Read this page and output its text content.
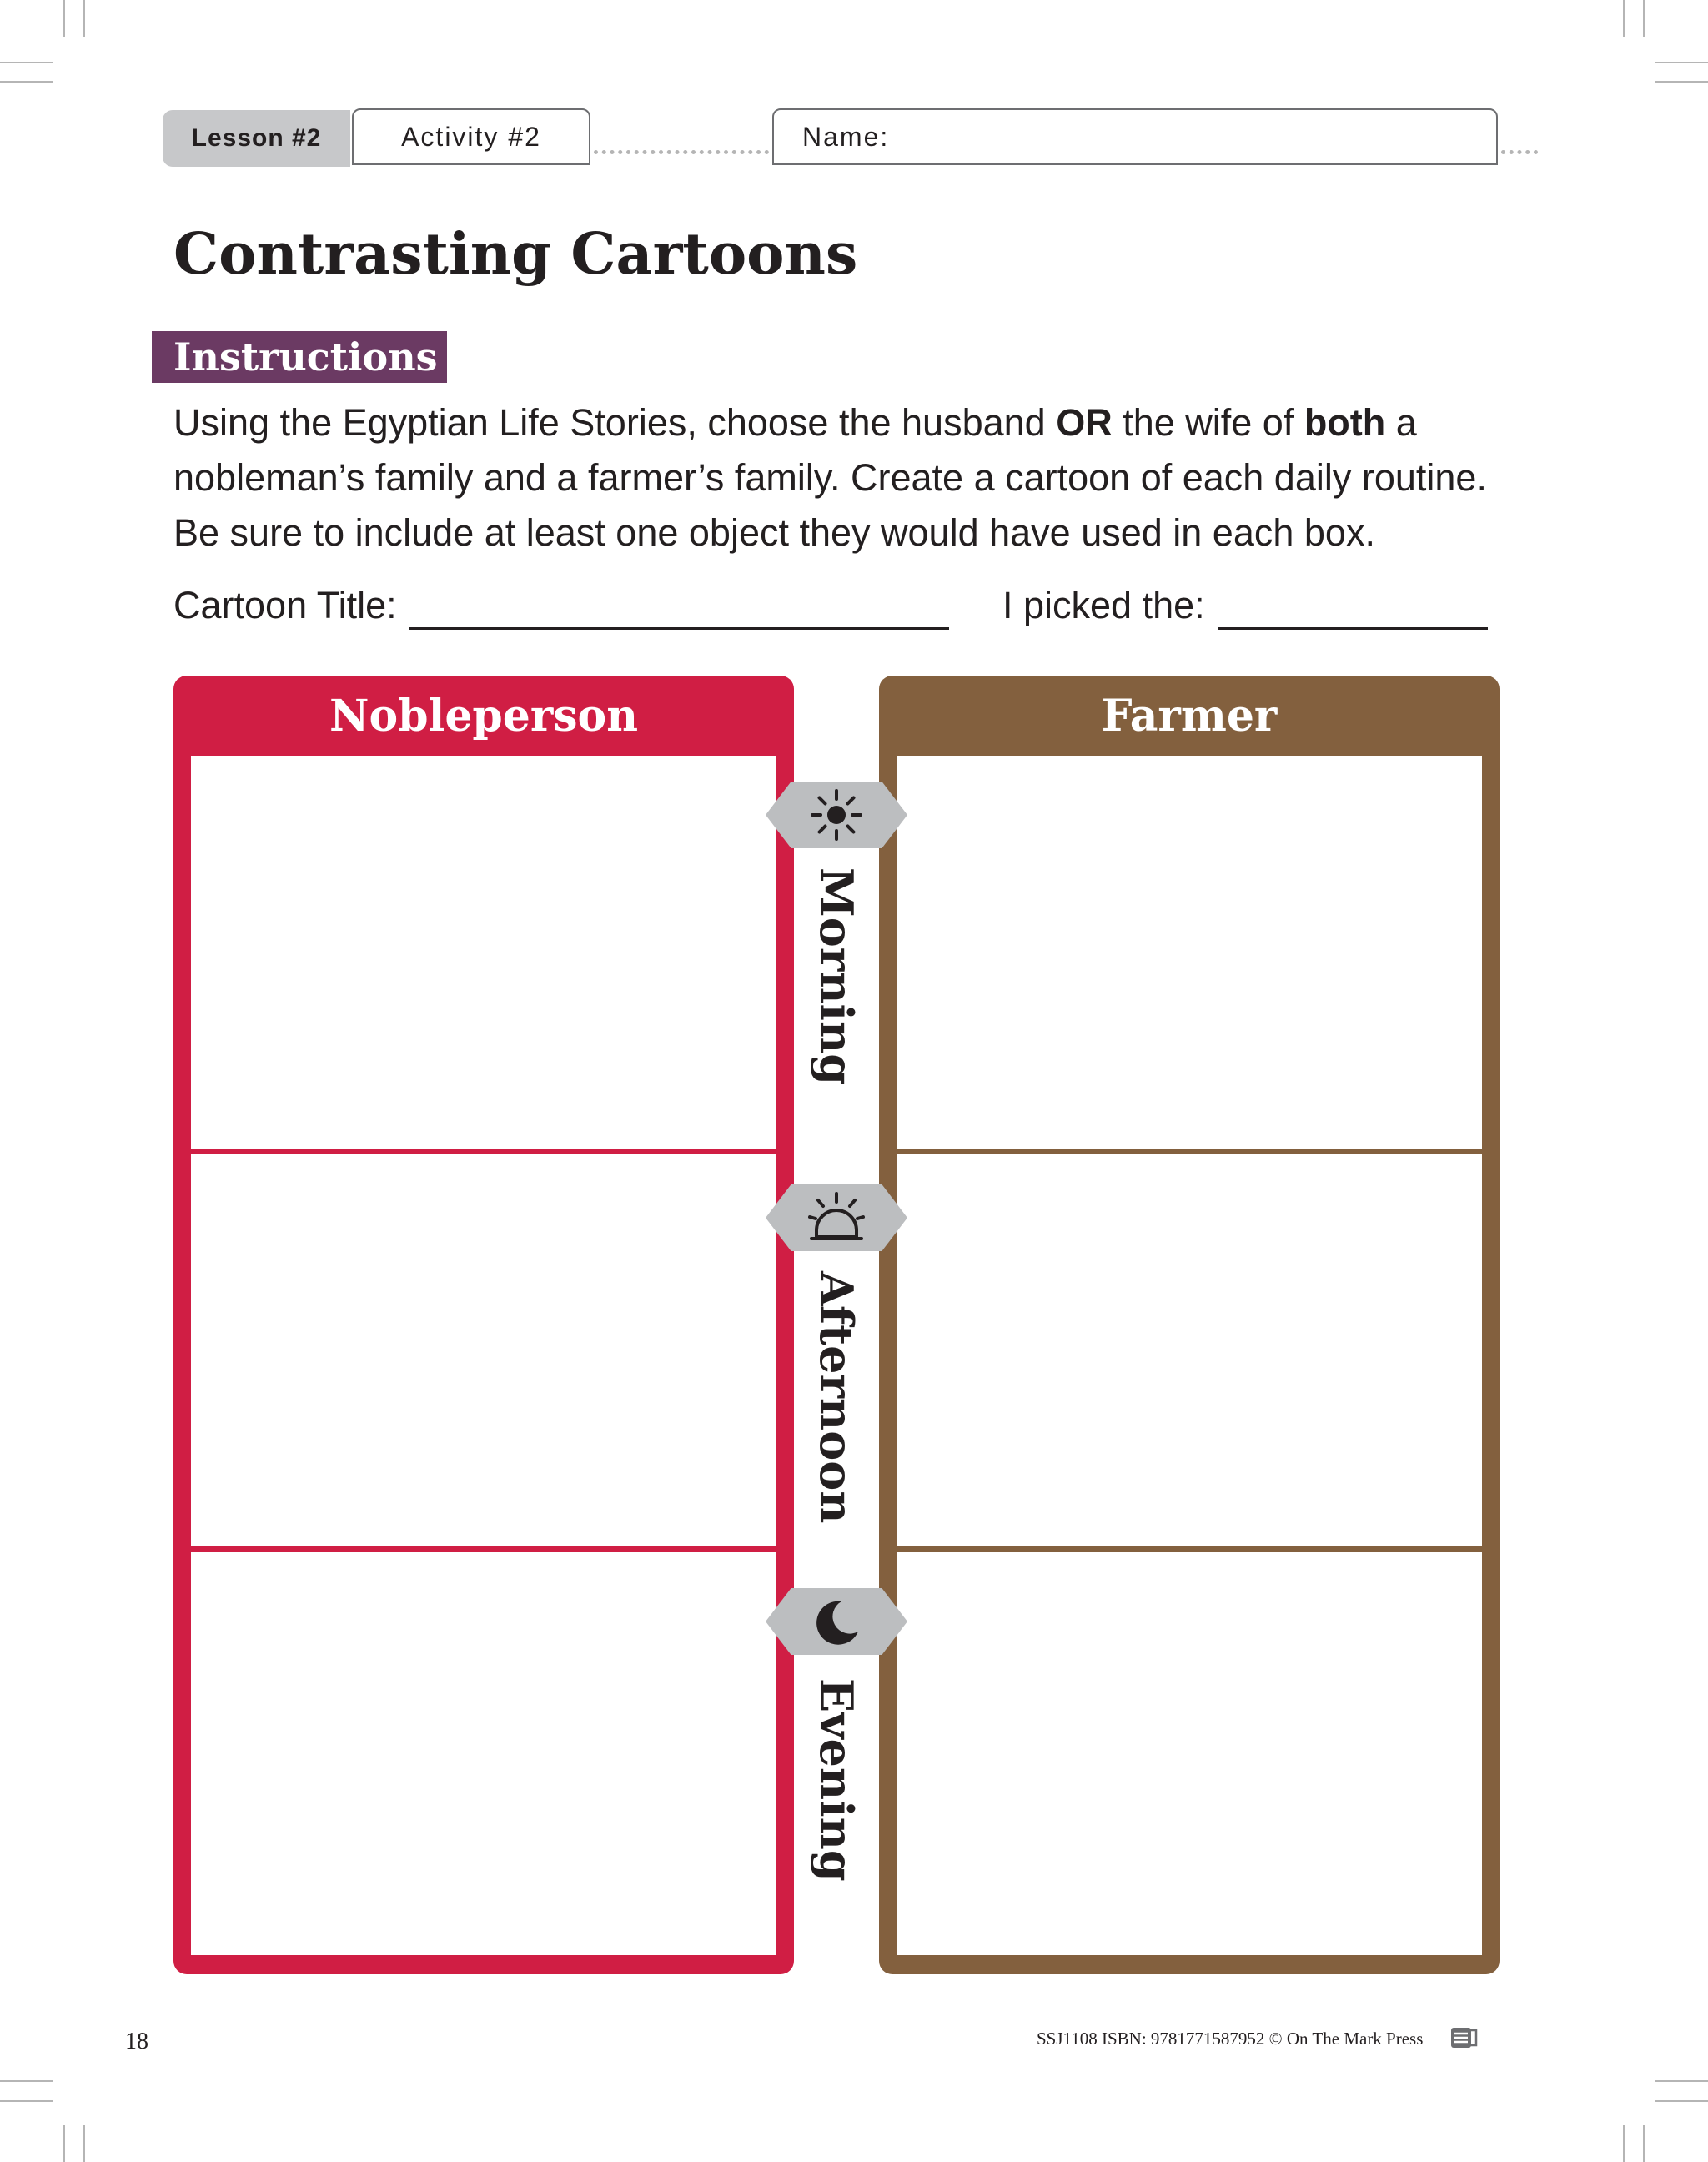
Lesson #2	Activity #2	Name:
Contrasting Cartoons
Instructions
Using the Egyptian Life Stories, choose the husband OR the wife of both a nobleman’s family and a farmer’s family. Create a cartoon of each daily routine. Be sure to include at least one object they would have used in each box.
Cartoon Title:	I picked the:
Nobleperson	Farmer
Morning
Afternoon
Evening
18	SSJ1108 ISBN: 9781771587952 © On The Mark Press
